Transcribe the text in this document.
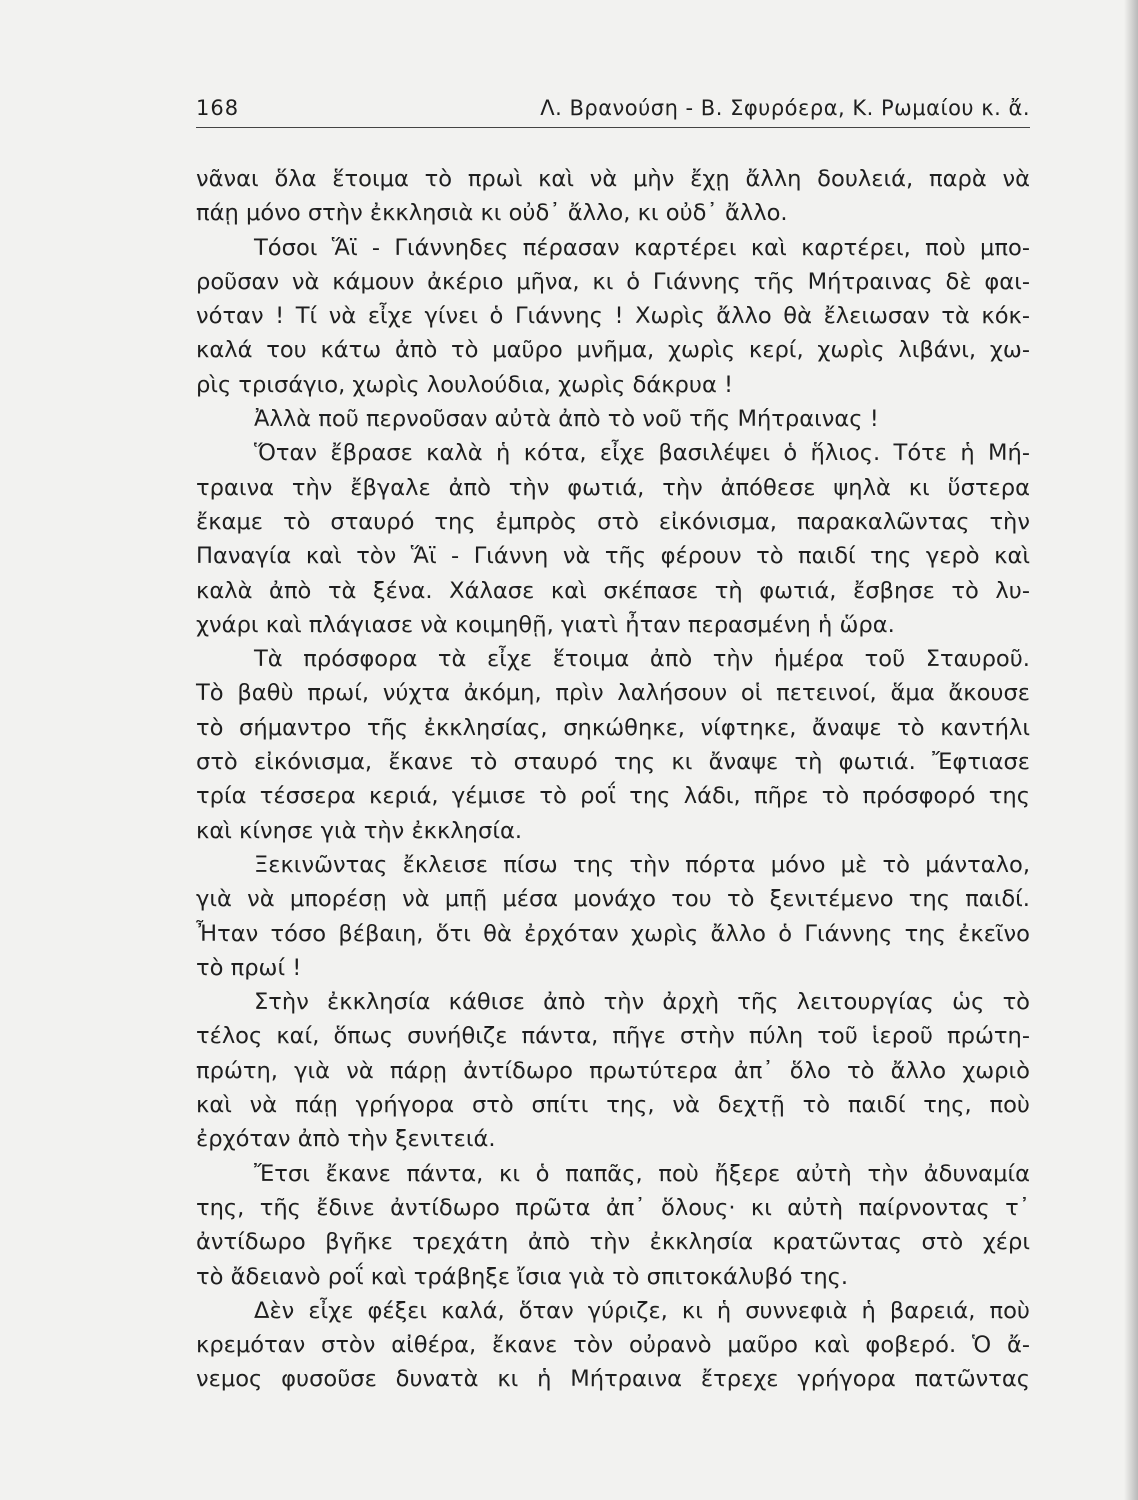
168	Λ. Βρανούση - Β. Σφυρόερα, Κ. Ρωμαίου κ. ἄ.
νᾶναι ὅλα ἕτοιμα τὸ πρωὶ καὶ νὰ μὴν ἔχῃ ἄλλη δουλειά, παρὰ νὰ
πάῃ μόνο στὴν ἐκκλησιὰ κι οὐδ᾽ ἄλλο, κι οὐδ᾽ ἄλλο.
Τόσοι Ἅϊ - Γιάννηδες πέρασαν καρτέρει καὶ καρτέρει, ποὺ μπο-
ροῦσαν νὰ κάμουν ἀκέριο μῆνα, κι ὁ Γιάννης τῆς Μήτραινας δὲ φαι-
νόταν ! Τί νὰ εἶχε γίνει ὁ Γιάννης ! Χωρὶς ἄλλο θὰ ἔλειωσαν τὰ κόκ-
καλά του κάτω ἀπὸ τὸ μαῦρο μνῆμα, χωρὶς κερί, χωρὶς λιβάνι, χω-
ρὶς τρισάγιο, χωρὶς λουλούδια, χωρὶς δάκρυα !
Ἀλλὰ ποῦ περνοῦσαν αὐτὰ ἀπὸ τὸ νοῦ τῆς Μήτραινας !
Ὅταν ἔβρασε καλὰ ἡ κότα, εἶχε βασιλέψει ὁ ἥλιος. Τότε ἡ Μή-
τραινα τὴν ἔβγαλε ἀπὸ τὴν φωτιά, τὴν ἀπόθεσε ψηλὰ κι ὕστερα
ἔκαμε τὸ σταυρό της ἐμπρὸς στὸ εἰκόνισμα, παρακαλῶντας τὴν
Παναγία καὶ τὸν Ἅϊ - Γιάννη νὰ τῆς φέρουν τὸ παιδί της γερὸ καὶ
καλὰ ἀπὸ τὰ ξένα. Χάλασε καὶ σκέπασε τὴ φωτιά, ἔσβησε τὸ λυ-
χνάρι καὶ πλάγιασε νὰ κοιμηθῇ, γιατὶ ἦταν περασμένη ἡ ὥρα.
Τὰ πρόσφορα τὰ εἶχε ἕτοιμα ἀπὸ τὴν ἡμέρα τοῦ Σταυροῦ.
Τὸ βαθὺ πρωί, νύχτα ἀκόμη, πρὶν λαλήσουν οἱ πετεινοί, ἅμα ἄκουσε
τὸ σήμαντρο τῆς ἐκκλησίας, σηκώθηκε, νίφτηκε, ἄναψε τὸ καντήλι
στὸ εἰκόνισμα, ἔκανε τὸ σταυρό της κι ἄναψε τὴ φωτιά. Ἔφτιασε
τρία τέσσερα κεριά, γέμισε τὸ ροΐ της λάδι, πῆρε τὸ πρόσφορό της
καὶ κίνησε γιὰ τὴν ἐκκλησία.
Ξεκινῶντας ἔκλεισε πίσω της τὴν πόρτα μόνο μὲ τὸ μάνταλο,
γιὰ νὰ μπορέσῃ νὰ μπῇ μέσα μονάχο του τὸ ξενιτέμενο της παιδί.
Ἦταν τόσο βέβαιη, ὅτι θὰ ἐρχόταν χωρὶς ἄλλο ὁ Γιάννης της ἐκεῖνο
τὸ πρωί !
Στὴν ἐκκλησία κάθισε ἀπὸ τὴν ἀρχὴ τῆς λειτουργίας ὡς τὸ
τέλος καί, ὅπως συνήθιζε πάντα, πῆγε στὴν πύλη τοῦ ἱεροῦ πρώτη-
πρώτη, γιὰ νὰ πάρῃ ἀντίδωρο πρωτύτερα ἀπ᾽ ὅλο τὸ ἄλλο χωριὸ
καὶ νὰ πάῃ γρήγορα στὸ σπίτι της, νὰ δεχτῇ τὸ παιδί της, ποὺ
ἐρχόταν ἀπὸ τὴν ξενιτειά.
Ἔτσι ἔκανε πάντα, κι ὁ παπᾶς, ποὺ ἤξερε αὐτὴ τὴν ἀδυναμία
της, τῆς ἔδινε ἀντίδωρο πρῶτα ἀπ᾽ ὅλους· κι αὐτὴ παίρνοντας τ᾽
ἀντίδωρο βγῆκε τρεχάτη ἀπὸ τὴν ἐκκλησία κρατῶντας στὸ χέρι
τὸ ἄδειανὸ ροΐ καὶ τράβηξε ἴσια γιὰ τὸ σπιτοκάλυβό της.
Δὲν εἶχε φέξει καλά, ὅταν γύριζε, κι ἡ συννεφιὰ ἡ βαρειά, ποὺ
κρεμόταν στὸν αἰθέρα, ἔκανε τὸν οὐρανὸ μαῦρο καὶ φοβερό. Ὁ ἄ-
νεμος φυσοῦσε δυνατὰ κι ἡ Μήτραινα ἔτρεχε γρήγορα πατῶντας
